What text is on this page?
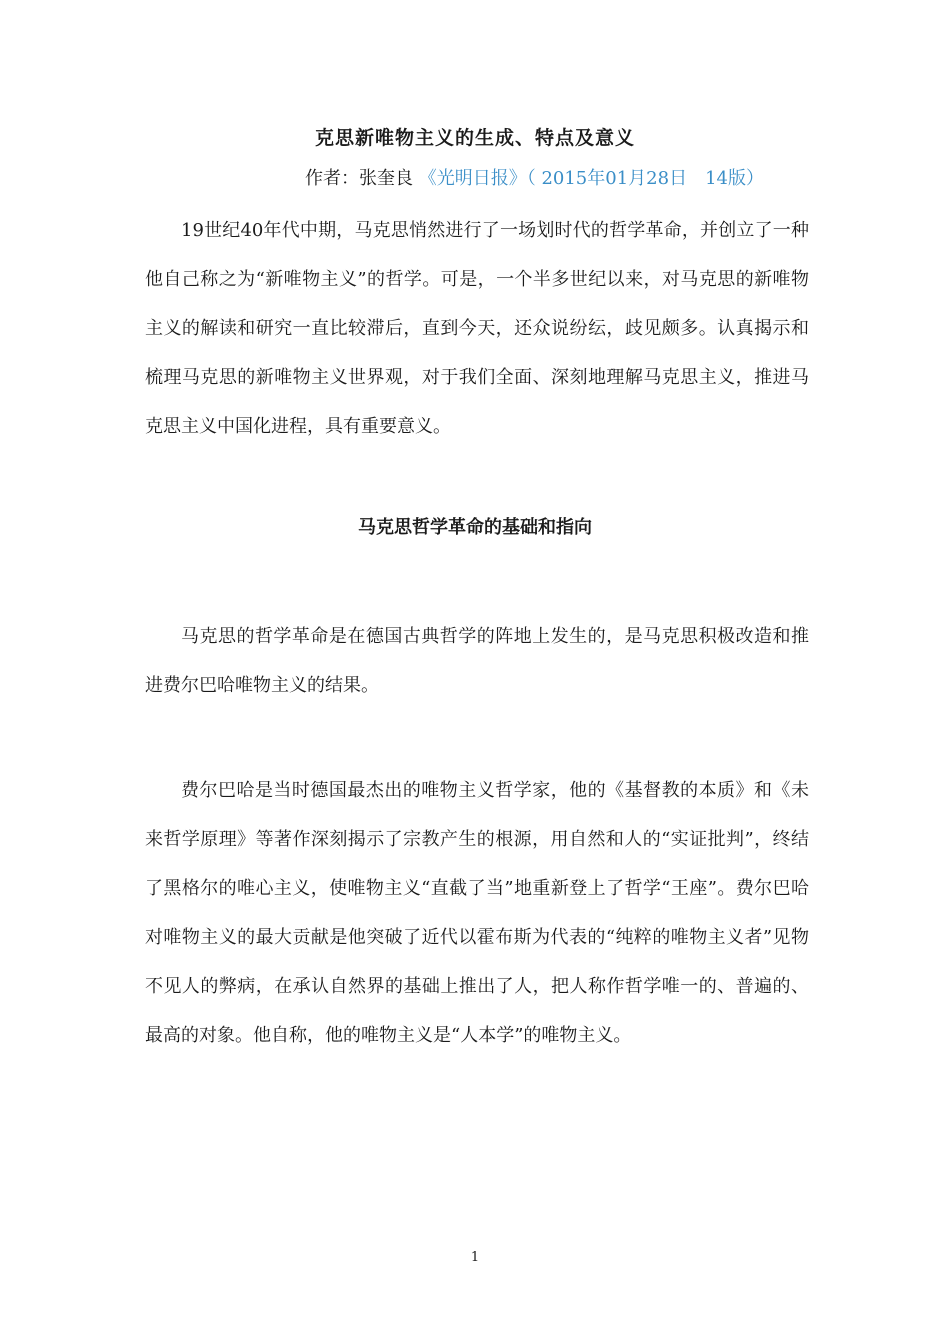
克思新唯物主义的生成、特点及意义
作者：张奎良 《光明日报》（ 2015年01月28日　14版）

19世纪40年代中期，马克思悄然进行了一场划时代的哲学革命，并创立了一种他自己称之为“新唯物主义”的哲学。可是，一个半多世纪以来，对马克思的新唯物主义的解读和研究一直比较滞后，直到今天，还众说纷纭，歧见颇多。认真揭示和梳理马克思的新唯物主义世界观，对于我们全面、深刻地理解马克思主义，推进马克思主义中国化进程，具有重要意义。

马克思哲学革命的基础和指向

马克思的哲学革命是在德国古典哲学的阵地上发生的，是马克思积极改造和推进费尔巴哈唯物主义的结果。

费尔巴哈是当时德国最杰出的唯物主义哲学家，他的《基督教的本质》和《未来哲学原理》等著作深刻揭示了宗教产生的根源，用自然和人的“实证批判”，终结了黑格尔的唯心主义，使唯物主义“直截了当”地重新登上了哲学“王座”。费尔巴哈对唯物主义的最大贡献是他突破了近代以霍布斯为代表的“纯粹的唯物主义者”见物不见人的弊病，在承认自然界的基础上推出了人，把人称作哲学唯一的、普遍的、最高的对象。他自称，他的唯物主义是“人本学”的唯物主义。

1
